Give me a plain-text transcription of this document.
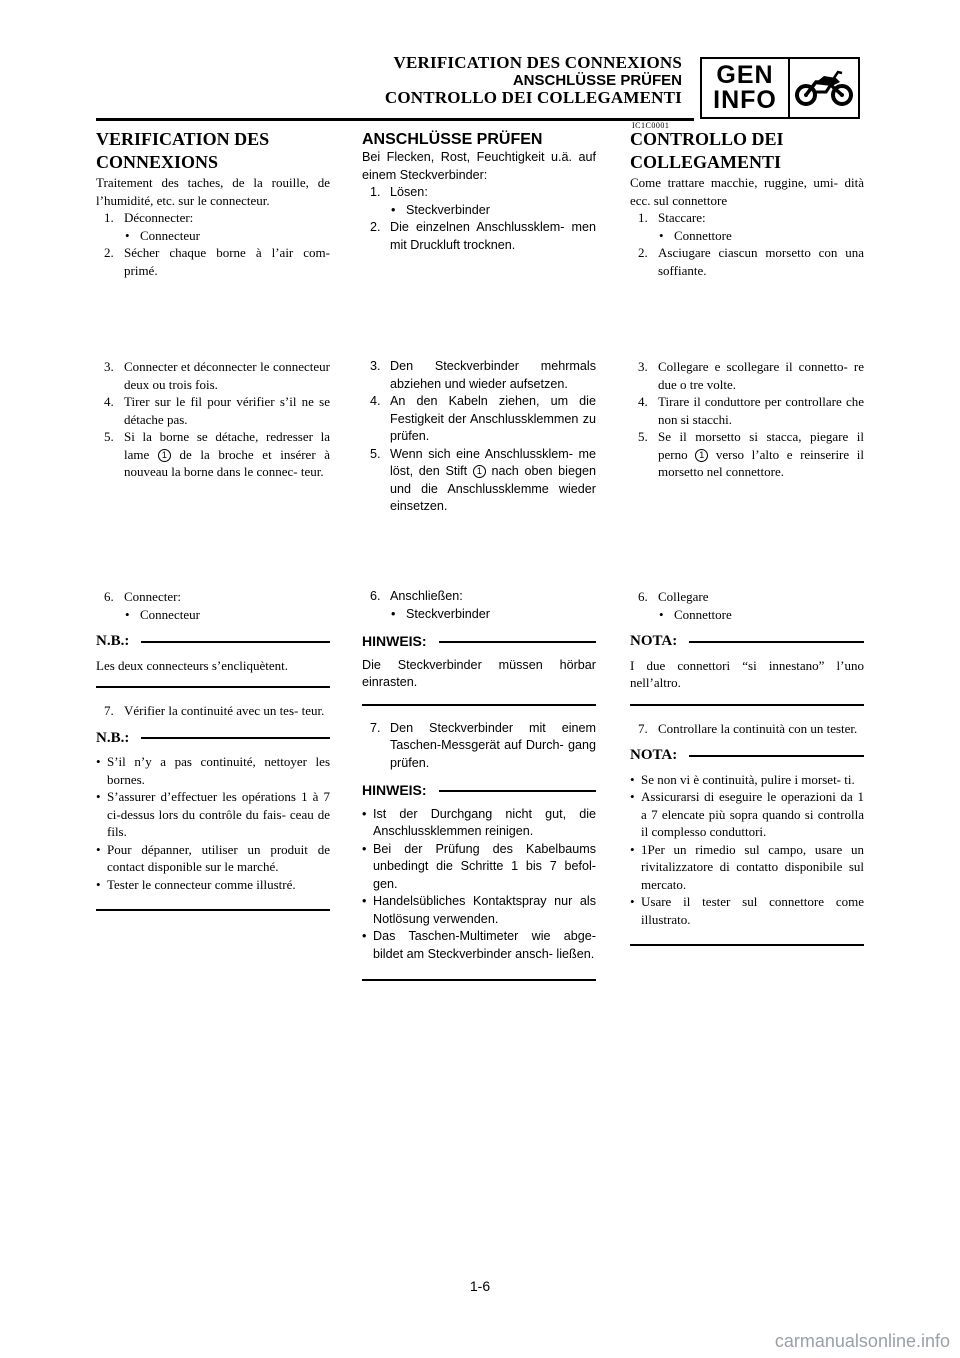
VERIFICATION DES CONNEXIONS
ANSCHLÜSSE PRÜFEN
CONTROLLO DEI COLLEGAMENTI
GEN
INFO
IC1C0001
VERIFICATION DES CONNEXIONS

Traitement des taches, de la rouille, de l’humidité, etc. sur le connecteur.

1. Déconnecter:
• Connecteur
2. Sécher chaque borne à l’air com- primé.
3. Connecter et déconnecter le connecteur deux ou trois fois.
4. Tirer sur le fil pour vérifier s’il ne se détache pas.
5. Si la borne se détache, redresser la lame 1 de la broche et insérer à nouveau la borne dans le connec- teur.
6. Connecter:
• Connecteur
N.B.:

Les deux connecteurs s’encliquètent.

7. Vérifier la continuité avec un tes- teur.
N.B.:
• S’il n’y a pas continuité, nettoyer les bornes.
• S’assurer d’effectuer les opérations 1 à 7 ci-dessus lors du contrôle du fais- ceau de fils.
• Pour dépanner, utiliser un produit de contact disponible sur le marché.
• Tester le connecteur comme illustré.
ANSCHLÜSSE PRÜFEN

Bei Flecken, Rost, Feuchtigkeit u.ä. auf einem Steckverbinder:

1. Lösen:
• Steckverbinder
2. Die einzelnen Anschlussklem- men mit Druckluft trocknen.
3. Den Steckverbinder mehrmals abziehen und wieder aufsetzen.
4. An den Kabeln ziehen, um die Festigkeit der Anschlussklemmen zu prüfen.
5. Wenn sich eine Anschlussklem- me löst, den Stift 1 nach oben biegen und die Anschlussklemme wieder einsetzen.
6. Anschließen:
• Steckverbinder
HINWEIS:

Die Steckverbinder müssen hörbar einrasten.

7. Den Steckverbinder mit einem Taschen-Messgerät auf Durch- gang prüfen.
HINWEIS:
• Ist der Durchgang nicht gut, die Anschlussklemmen reinigen.
• Bei der Prüfung des Kabelbaums unbedingt die Schritte 1 bis 7 befol- gen.
• Handelsübliches Kontaktspray nur als Notlösung verwenden.
• Das Taschen-Multimeter wie abge- bildet am Steckverbinder ansch- ließen.
CONTROLLO DEI COLLEGAMENTI

Come trattare macchie, ruggine, umi- dità ecc. sul connettore

1. Staccare:
• Connettore
2. Asciugare ciascun morsetto con una soffiante.
3. Collegare e scollegare il connetto- re due o tre volte.
4. Tirare il conduttore per controllare che non si stacchi.
5. Se il morsetto si stacca, piegare il perno 1 verso l’alto e reinserire il morsetto nel connettore.
6. Collegare
• Connettore
NOTA:

I due connettori “si innestano” l’uno nell’altro.

7. Controllare la continuità con un tester.
NOTA:
• Se non vi è continuità, pulire i morset- ti.
• Assicurarsi di eseguire le operazioni da 1 a 7 elencate più sopra quando si controlla il complesso conduttori.
• 1Per un rimedio sul campo, usare un rivitalizzatore di contatto disponibile sul mercato.
• Usare il tester sul connettore come illustrato.
1-6
carmanualsonline.info
